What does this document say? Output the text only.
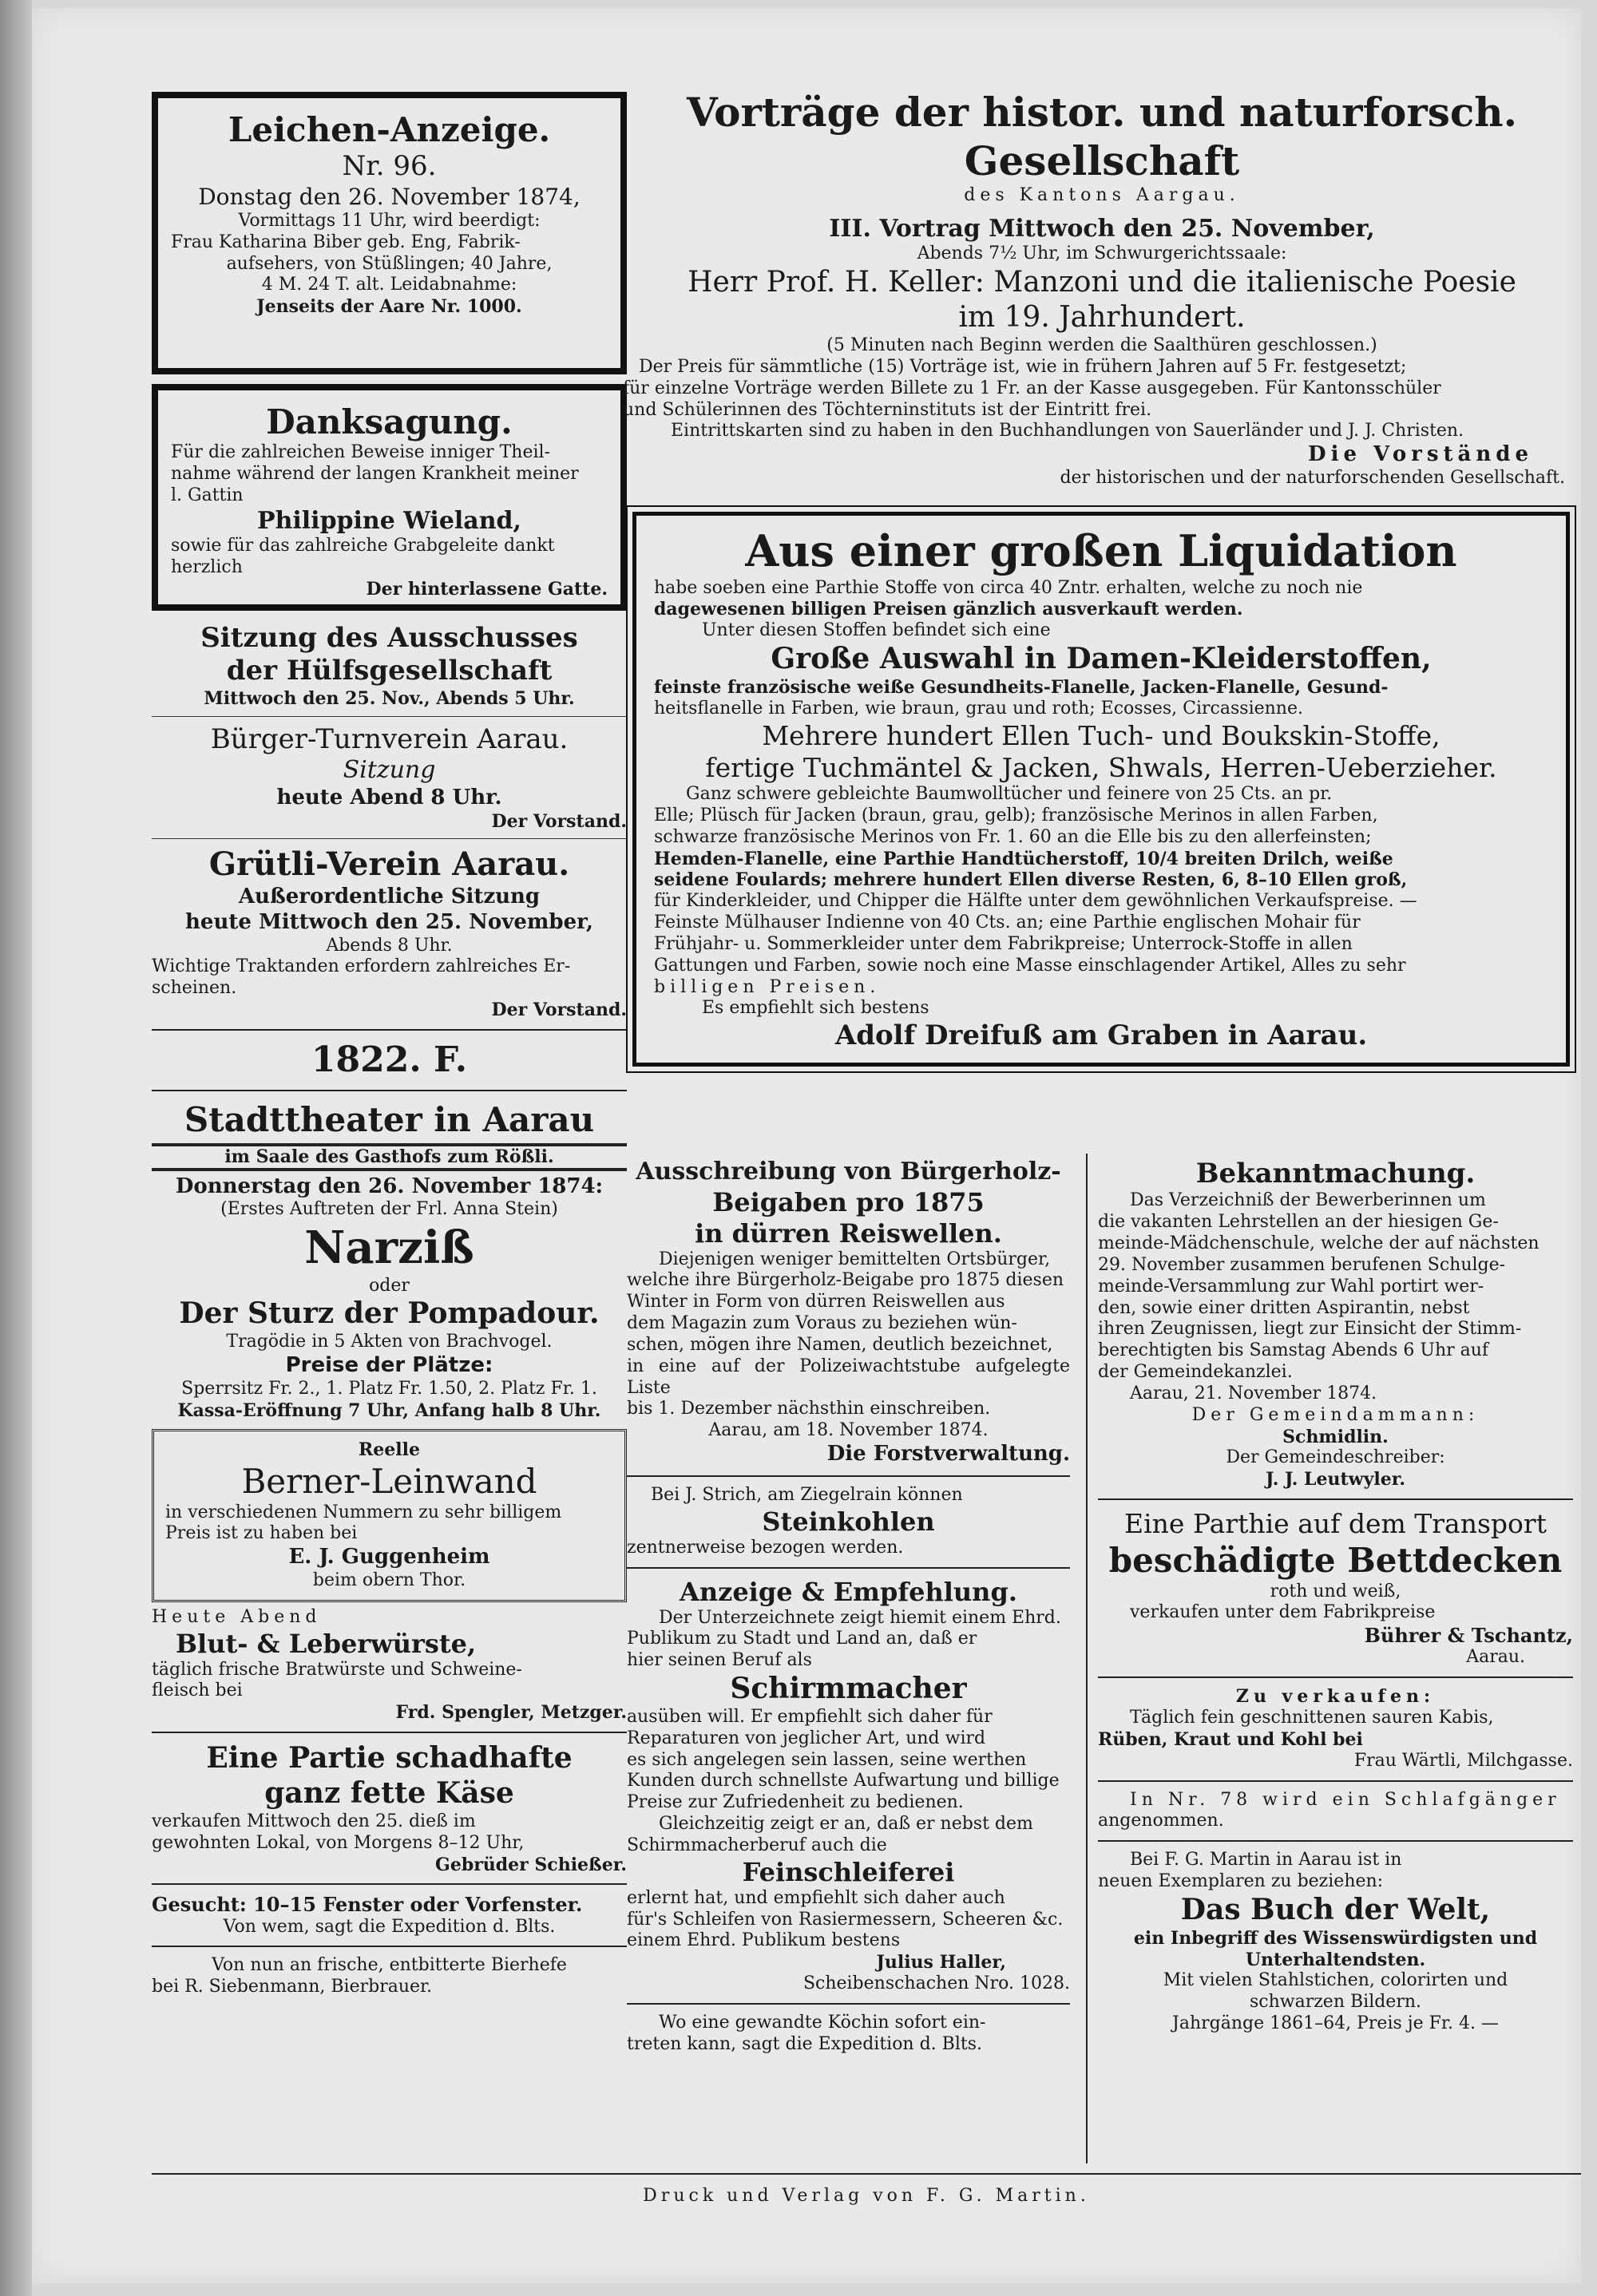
Leichen-Anzeige.

Nr. 96.

Donstag den 26. November 1874,

Vormittags 11 Uhr, wird beerdigt:

Frau Katharina Biber geb. Eng, Fabrik-

aufsehers, von Stüßlingen; 40 Jahre,

4 M. 24 T. alt. Leidabnahme:

Jenseits der Aare Nr. 1000.

Danksagung.

Für die zahlreichen Beweise inniger Theil-

nahme während der langen Krankheit meiner

l. Gattin

Philippine Wieland,

sowie für das zahlreiche Grabgeleite dankt

herzlich

Der hinterlassene Gatte.

Sitzung des Ausschusses

der Hülfsgesellschaft

Mittwoch den 25. Nov., Abends 5 Uhr.

Bürger-Turnverein Aarau.

Sitzung

heute Abend 8 Uhr.

Der Vorstand.

Grütli-Verein Aarau.

Außerordentliche Sitzung

heute Mittwoch den 25. November,

Abends 8 Uhr.

Wichtige Traktanden erfordern zahlreiches Er-

scheinen.

Der Vorstand.

1822. F.

Stadttheater in Aarau

im Saale des Gasthofs zum Rößli.

Donnerstag den 26. November 1874:

(Erstes Auftreten der Frl. Anna Stein)

Narziß

oder

Der Sturz der Pompadour.

Tragödie in 5 Akten von Brachvogel.

Preise der Plätze:

Sperrsitz Fr. 2., 1. Platz Fr. 1.50, 2. Platz Fr. 1.

Kassa-Eröffnung 7 Uhr, Anfang halb 8 Uhr.

Reelle

Berner-Leinwand

in verschiedenen Nummern zu sehr billigem

Preis ist zu haben bei

E. J. Guggenheim

beim obern Thor.

Heute Abend

Blut- & Leberwürste,

täglich frische Bratwürste und Schweine-

fleisch bei

Frd. Spengler, Metzger.

Eine Partie schadhafte

ganz fette Käse

verkaufen Mittwoch den 25. dieß im

gewohnten Lokal, von Morgens 8–12 Uhr,

Gebrüder Schießer.

Gesucht: 10–15 Fenster oder Vorfenster.

Von wem, sagt die Expedition d. Blts.

Von nun an frische, entbitterte Bierhefe

bei R. Siebenmann, Bierbrauer.

Vorträge der histor. und naturforsch. Gesellschaft

des Kantons Aargau.

III. Vortrag Mittwoch den 25. November,

Abends 7½ Uhr, im Schwurgerichtssaale:

Herr Prof. H. Keller: Manzoni und die italienische Poesie

im 19. Jahrhundert.

(5 Minuten nach Beginn werden die Saalthüren geschlossen.)

Der Preis für sämmtliche (15) Vorträge ist, wie in frühern Jahren auf 5 Fr. festgesetzt;

für einzelne Vorträge werden Billete zu 1 Fr. an der Kasse ausgegeben. Für Kantonsschüler

und Schülerinnen des Töchterninstituts ist der Eintritt frei.

Eintrittskarten sind zu haben in den Buchhandlungen von Sauerländer und J. J. Christen.

Die Vorstände

der historischen und der naturforschenden Gesellschaft.

Aus einer großen Liquidation

habe soeben eine Parthie Stoffe von circa 40 Zntr. erhalten, welche zu noch nie

dagewesenen billigen Preisen gänzlich ausverkauft werden.

Unter diesen Stoffen befindet sich eine

Große Auswahl in Damen-Kleiderstoffen,

feinste französische weiße Gesundheits-Flanelle, Jacken-Flanelle, Gesund-

heitsflanelle in Farben, wie braun, grau und roth; Ecosses, Circassienne.

Mehrere hundert Ellen Tuch- und Boukskin-Stoffe,

fertige Tuchmäntel & Jacken, Shwals, Herren-Ueberzieher.

Ganz schwere gebleichte Baumwolltücher und feinere von 25 Cts. an pr.

Elle; Plüsch für Jacken (braun, grau, gelb); französische Merinos in allen Farben,

schwarze französische Merinos von Fr. 1. 60 an die Elle bis zu den allerfeinsten;

Hemden-Flanelle, eine Parthie Handtücherstoff, 10/4 breiten Drilch, weiße

seidene Foulards; mehrere hundert Ellen diverse Resten, 6, 8–10 Ellen groß,

für Kinderkleider, und Chipper die Hälfte unter dem gewöhnlichen Verkaufspreise. —

Feinste Mülhauser Indienne von 40 Cts. an; eine Parthie englischen Mohair für

Frühjahr- u. Sommerkleider unter dem Fabrikpreise; Unterrock-Stoffe in allen

Gattungen und Farben, sowie noch eine Masse einschlagender Artikel, Alles zu sehr

billigen Preisen.

Es empfiehlt sich bestens

Adolf Dreifuß am Graben in Aarau.

Ausschreibung von Bürgerholz-

Beigaben pro 1875

in dürren Reiswellen.

Diejenigen weniger bemittelten Ortsbürger,

welche ihre Bürgerholz-Beigabe pro 1875 diesen

Winter in Form von dürren Reiswellen aus

dem Magazin zum Voraus zu beziehen wün-

schen, mögen ihre Namen, deutlich bezeichnet,

in eine auf der Polizeiwachtstube aufgelegte Liste

bis 1. Dezember nächsthin einschreiben.

Aarau, am 18. November 1874.

Die Forstverwaltung.

Bei J. Strich, am Ziegelrain können

Steinkohlen

zentnerweise bezogen werden.

Anzeige & Empfehlung.

Der Unterzeichnete zeigt hiemit einem Ehrd.

Publikum zu Stadt und Land an, daß er

hier seinen Beruf als

Schirmmacher

ausüben will. Er empfiehlt sich daher für

Reparaturen von jeglicher Art, und wird

es sich angelegen sein lassen, seine werthen

Kunden durch schnellste Aufwartung und billige

Preise zur Zufriedenheit zu bedienen.

Gleichzeitig zeigt er an, daß er nebst dem

Schirmmacherberuf auch die

Feinschleiferei

erlernt hat, und empfiehlt sich daher auch

für's Schleifen von Rasiermessern, Scheeren &c.

einem Ehrd. Publikum bestens

Julius Haller,

Scheibenschachen Nro. 1028.

Wo eine gewandte Köchin sofort ein-

treten kann, sagt die Expedition d. Blts.

Bekanntmachung.

Das Verzeichniß der Bewerberinnen um

die vakanten Lehrstellen an der hiesigen Ge-

meinde-Mädchenschule, welche der auf nächsten

29. November zusammen berufenen Schulge-

meinde-Versammlung zur Wahl portirt wer-

den, sowie einer dritten Aspirantin, nebst

ihren Zeugnissen, liegt zur Einsicht der Stimm-

berechtigten bis Samstag Abends 6 Uhr auf

der Gemeindekanzlei.

Aarau, 21. November 1874.

Der Gemeindammann:

Schmidlin.

Der Gemeindeschreiber:

J. J. Leutwyler.

Eine Parthie auf dem Transport

beschädigte Bettdecken

roth und weiß,

verkaufen unter dem Fabrikpreise

Bührer & Tschantz,

Aarau.

Zu verkaufen:

Täglich fein geschnittenen sauren Kabis,

Rüben, Kraut und Kohl bei

Frau Wärtli, Milchgasse.

In Nr. 78 wird ein Schlafgänger

angenommen.

Bei F. G. Martin in Aarau ist in

neuen Exemplaren zu beziehen:

Das Buch der Welt,

ein Inbegriff des Wissenswürdigsten und

Unterhaltendsten.

Mit vielen Stahlstichen, colorirten und

schwarzen Bildern.

Jahrgänge 1861–64, Preis je Fr. 4. —

Druck und Verlag von F. G. Martin.
